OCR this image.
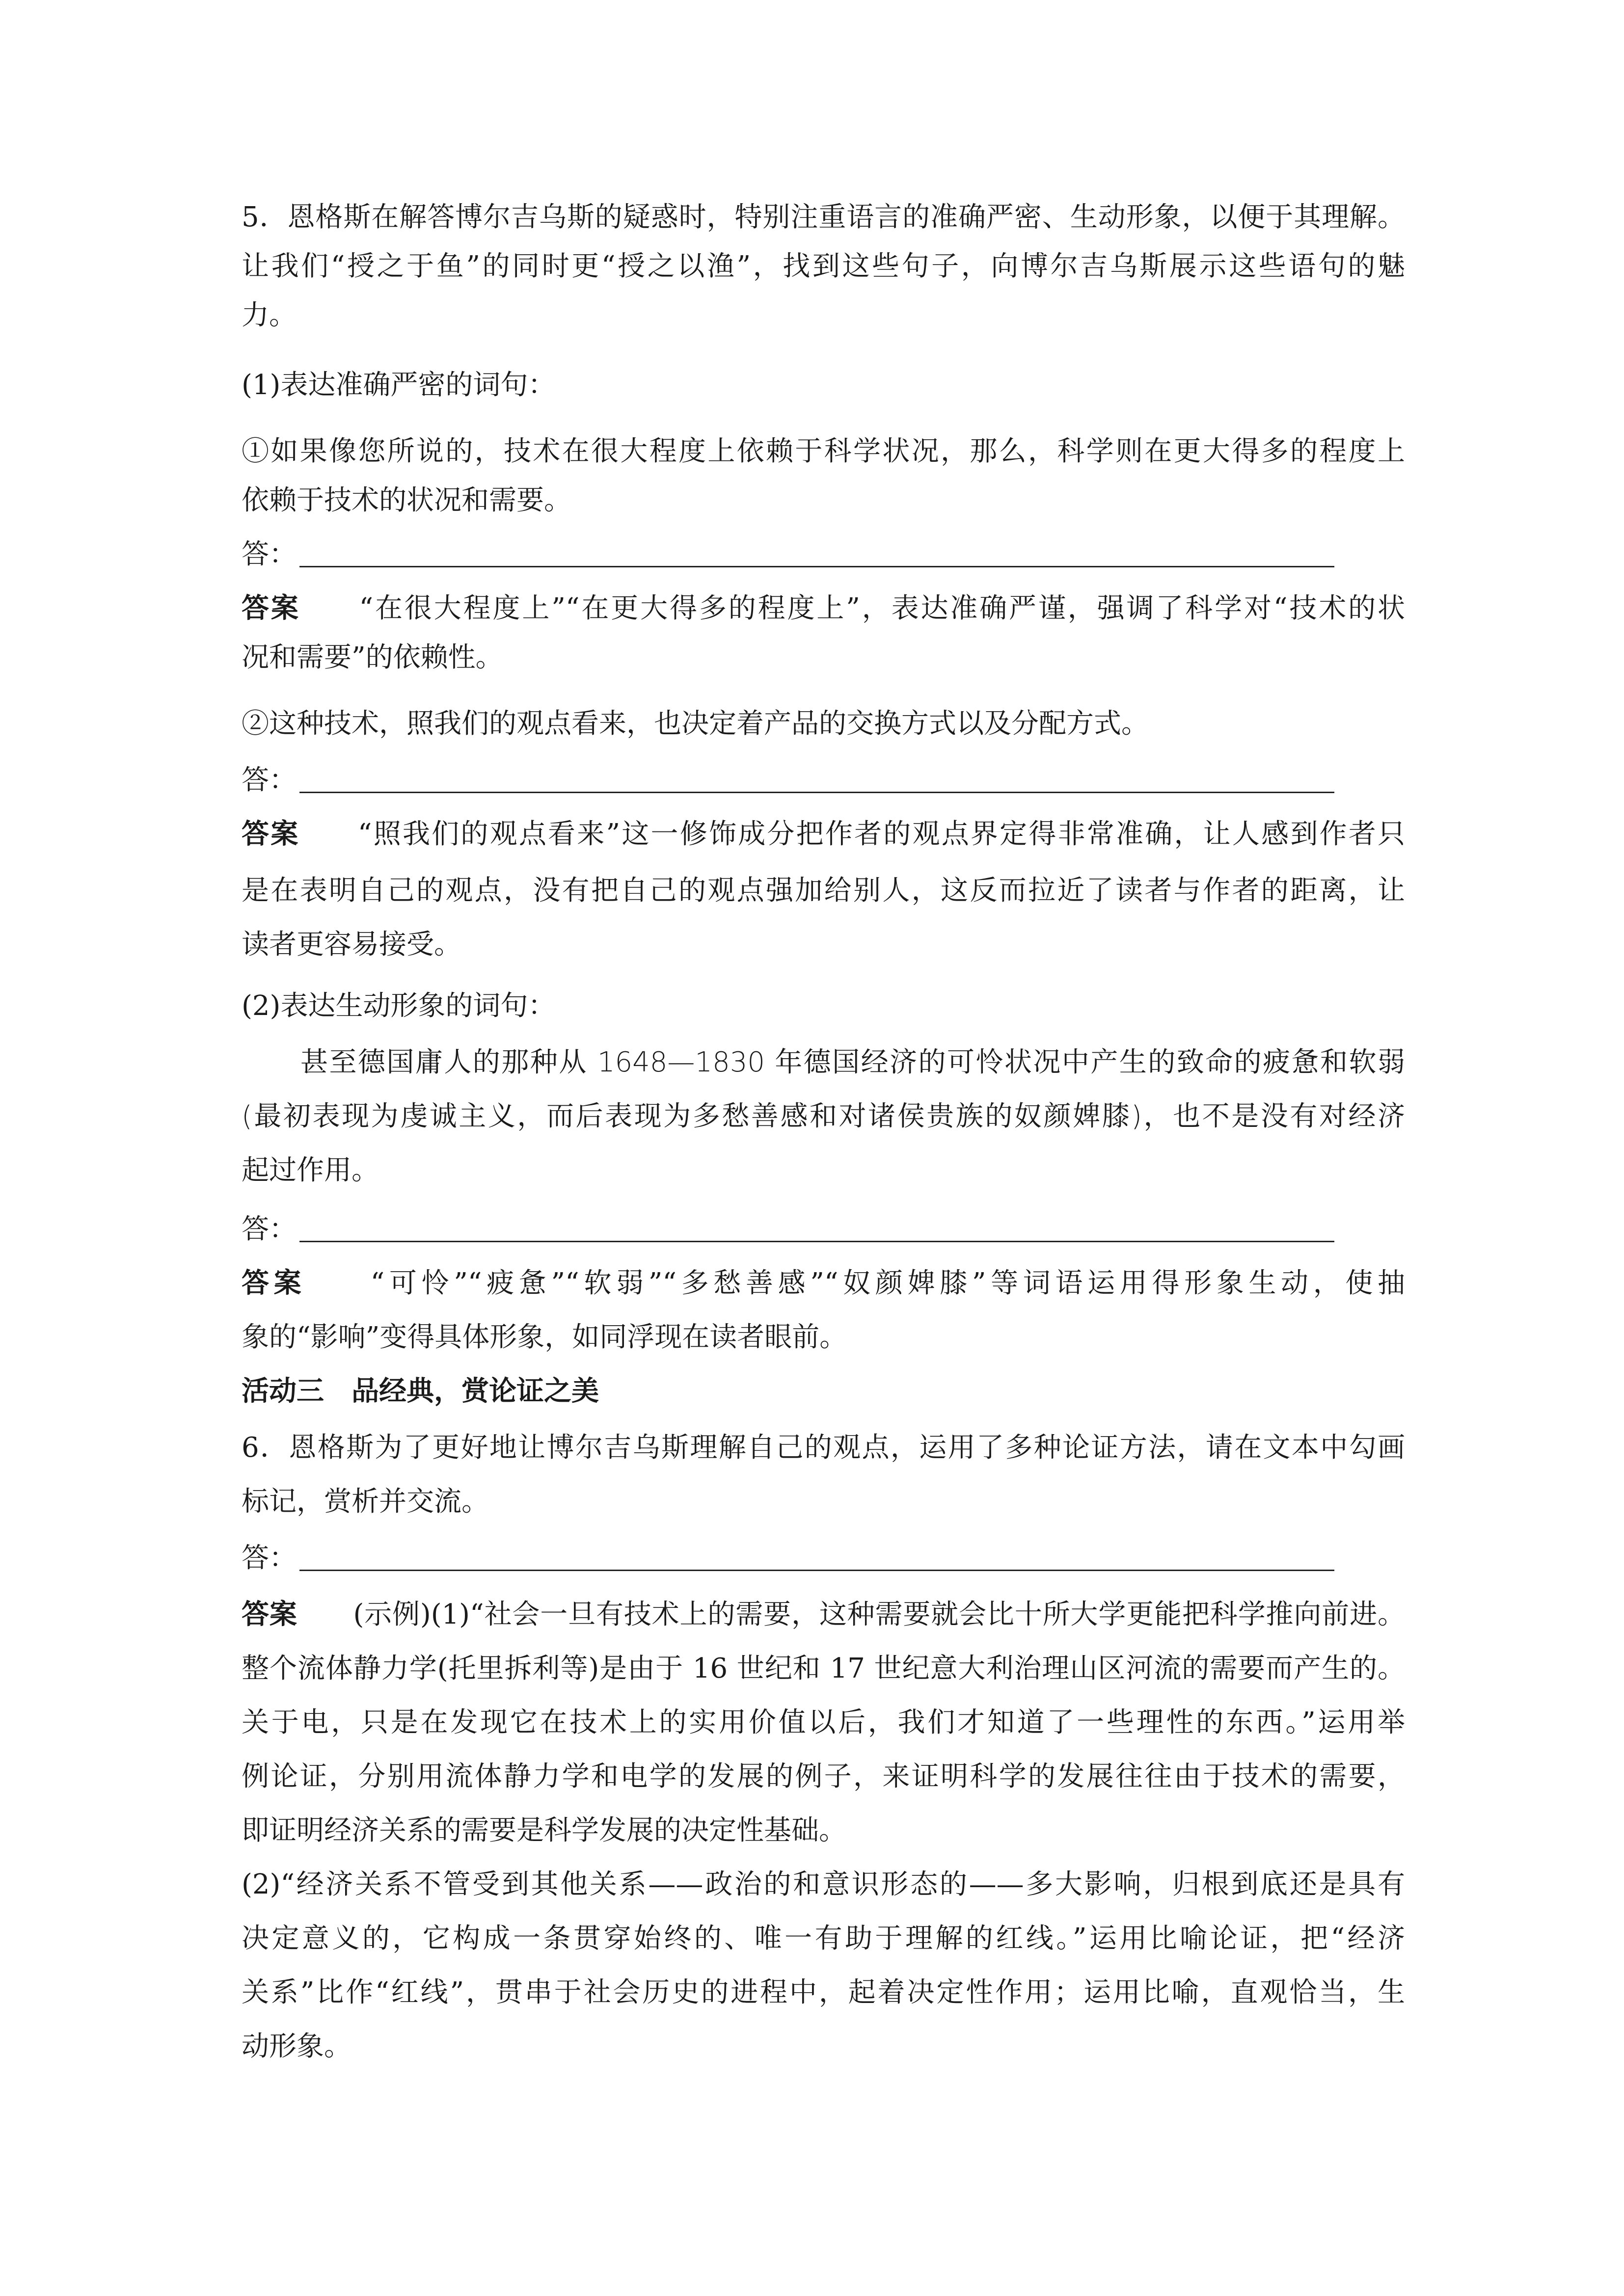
5．恩格斯在解答博尔吉乌斯的疑惑时，特别注重语言的准确严密、生动形象，以便于其理解。
让我们“授之于鱼”的同时更“授之以渔”，找到这些句子，向博尔吉乌斯展示这些语句的魅
力。
(1)表达准确严密的词句：
①如果像您所说的，技术在很大程度上依赖于科学状况，那么，科学则在更大得多的程度上
依赖于技术的状况和需要。
答：
答案　　 “在很大程度上”“在更大得多的程度上”，表达准确严谨，强调了科学对“技术的状
况和需要”的依赖性。
②这种技术，照我们的观点看来，也决定着产品的交换方式以及分配方式。
答：
答案　　 “照我们的观点看来”这一修饰成分把作者的观点界定得非常准确，让人感到作者只
是在表明自己的观点，没有把自己的观点强加给别人，这反而拉近了读者与作者的距离，让
读者更容易接受。
(2)表达生动形象的词句：
甚至德国庸人的那种从 1648—1830 年德国经济的可怜状况中产生的致命的疲惫和软弱
(最初表现为虔诚主义，而后表现为多愁善感和对诸侯贵族的奴颜婢膝)，也不是没有对经济
起过作用。
答：
答案　　 “可怜”“疲惫”“软弱”“多愁善感”“奴颜婢膝”等词语运用得形象生动，使抽
象的“影响”变得具体形象，如同浮现在读者眼前。
活动三　品经典，赏论证之美
6．恩格斯为了更好地让博尔吉乌斯理解自己的观点，运用了多种论证方法，请在文本中勾画
标记，赏析并交流。
答：
答案　　 (示例)(1)“社会一旦有技术上的需要，这种需要就会比十所大学更能把科学推向前进。
整个流体静力学(托里拆利等)是由于 16 世纪和 17 世纪意大利治理山区河流的需要而产生的。
关于电，只是在发现它在技术上的实用价值以后，我们才知道了一些理性的东西。”运用举
例论证，分别用流体静力学和电学的发展的例子，来证明科学的发展往往由于技术的需要，
即证明经济关系的需要是科学发展的决定性基础。
(2)“经济关系不管受到其他关系——政治的和意识形态的——多大影响，归根到底还是具有
决定意义的，它构成一条贯穿始终的、唯一有助于理解的红线。”运用比喻论证，把“经济
关系”比作“红线”，贯串于社会历史的进程中，起着决定性作用；运用比喻，直观恰当，生
动形象。
